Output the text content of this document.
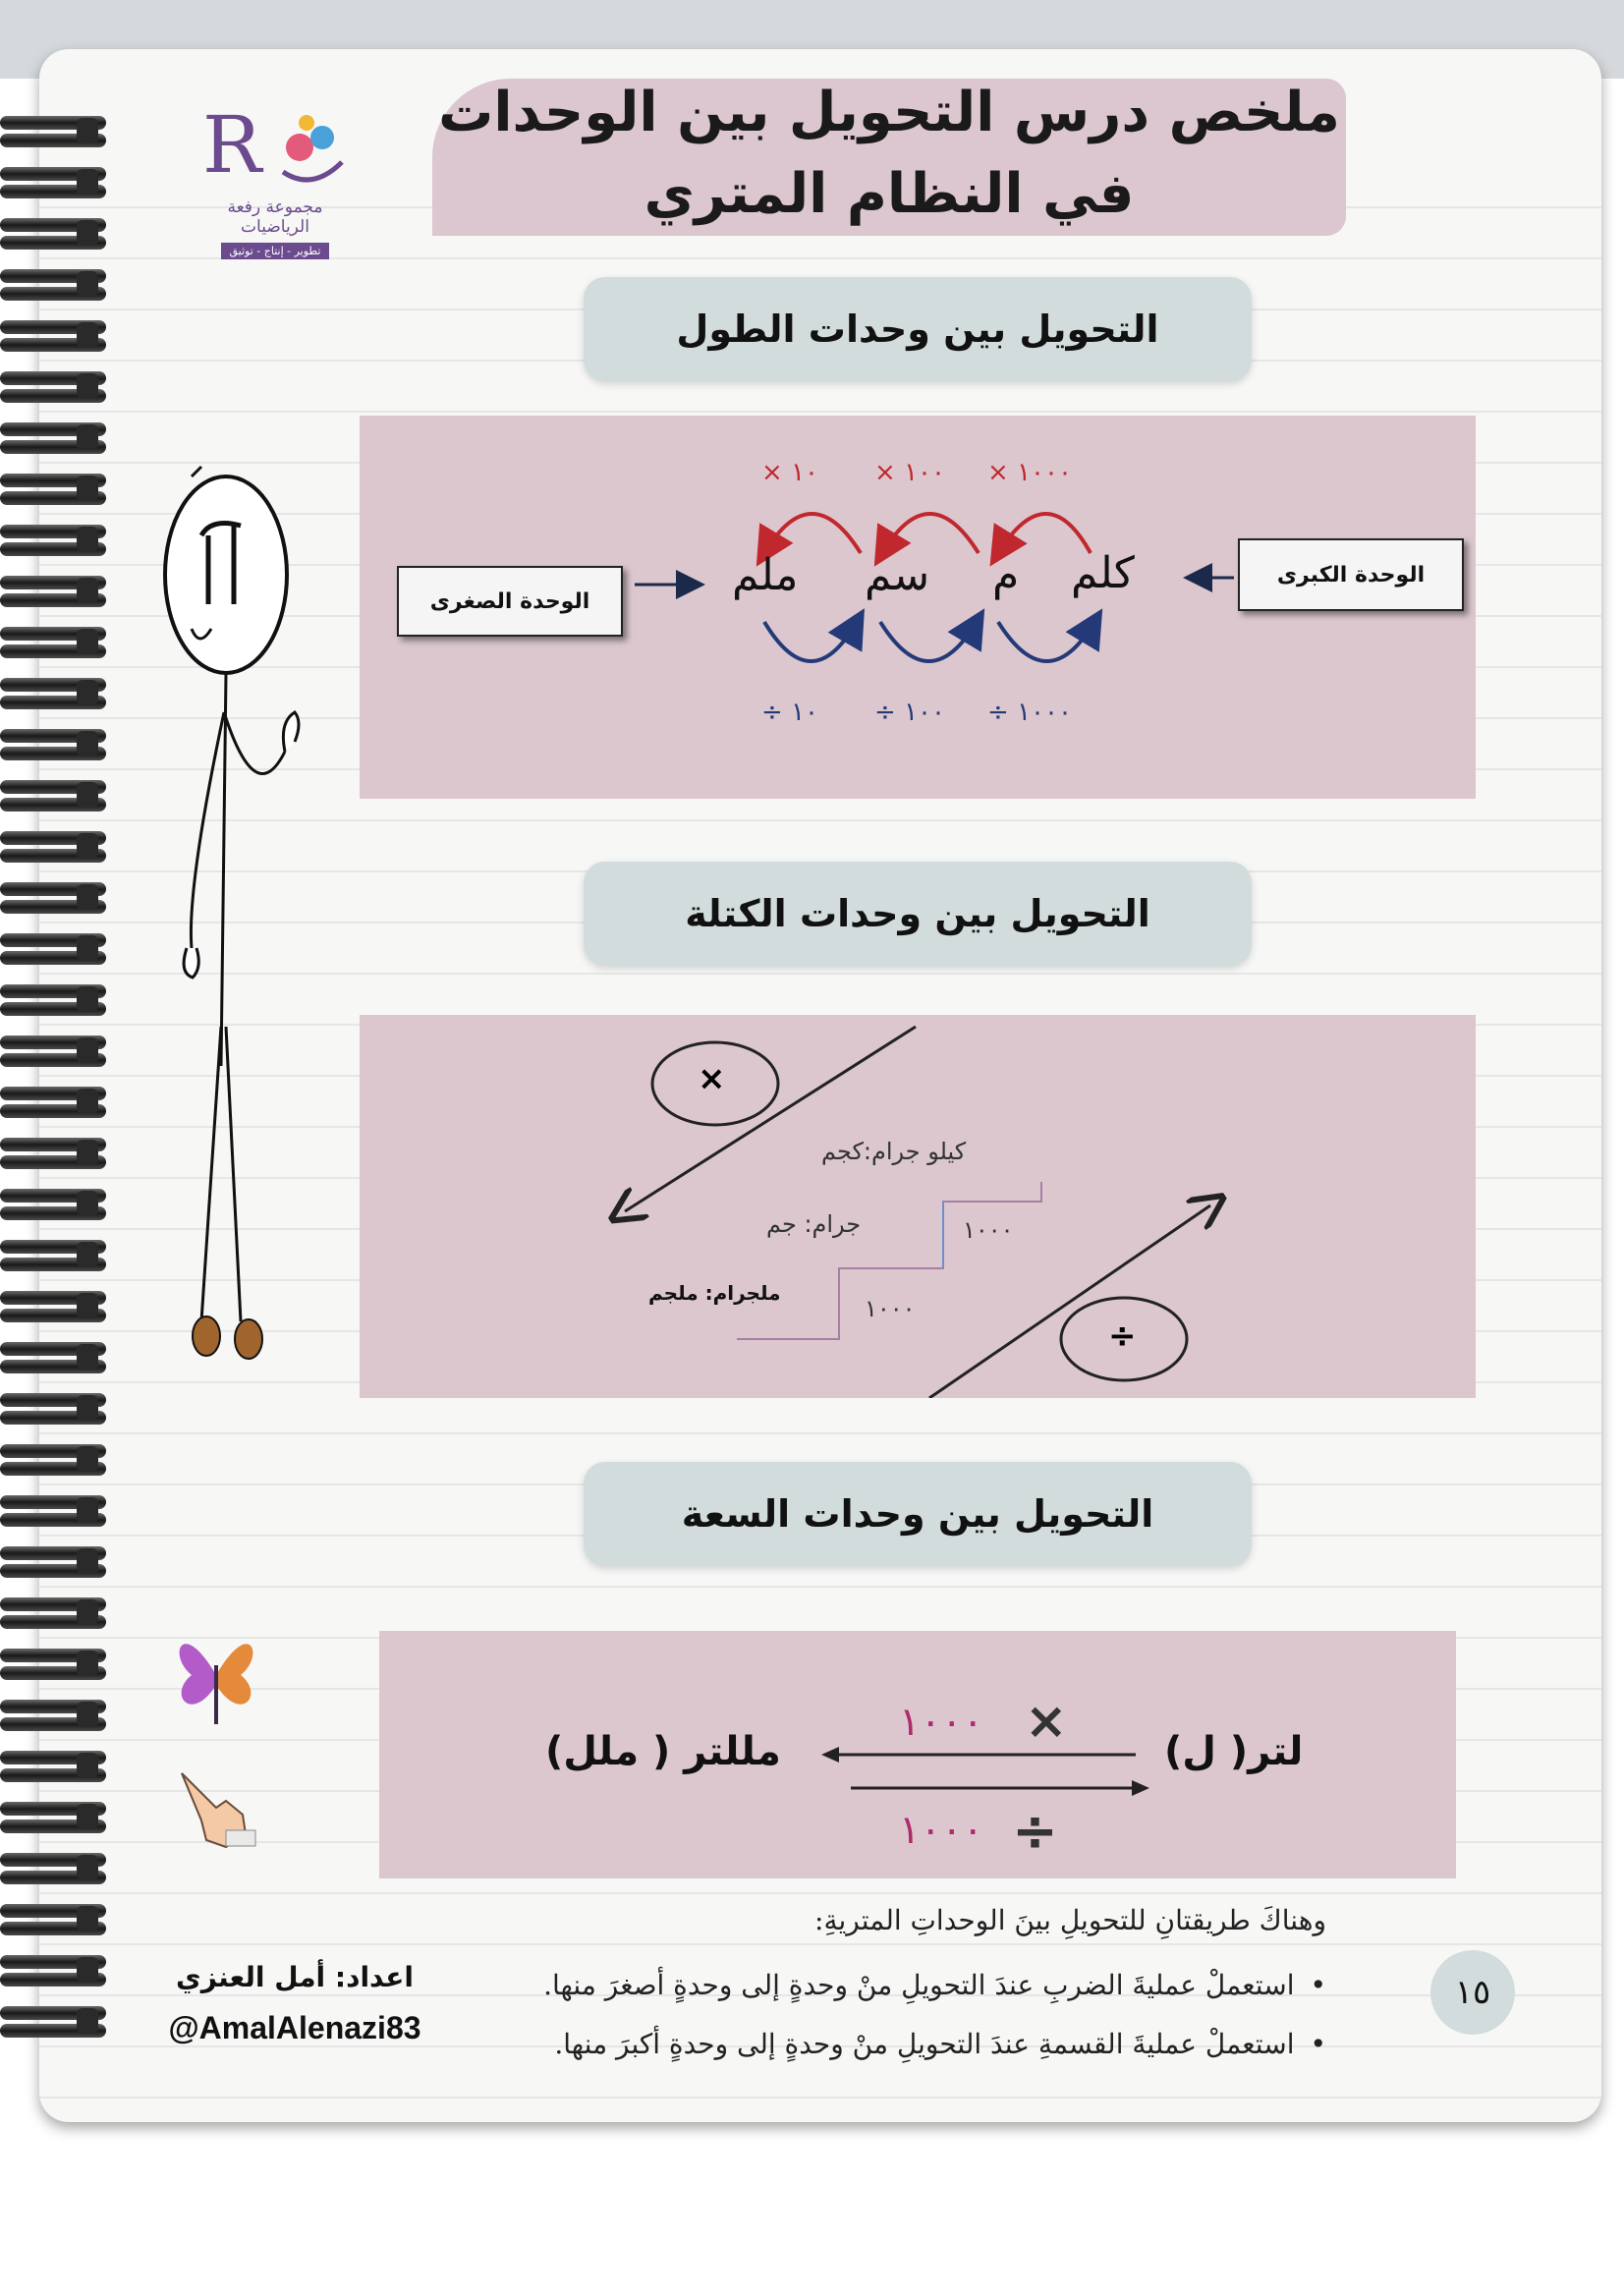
R
مجموعة رفعة الرياضيات
تطوير - إنتاج - توثيق
ملخص درس التحويل بين الوحدات
في النظام المتري
التحويل بين وحدات الطول
الوحدة الكبرى
الوحدة الصغرى
كلم
م
سم
ملم
١٠٠٠ ×
١٠٠ ×
١٠ ×
١٠٠٠ ÷
١٠٠ ÷
١٠ ÷
التحويل بين وحدات الكتلة
×
÷
كيلو جرام:كجم
جرام: جم
ملجرام: ملجم
١٠٠٠
١٠٠٠
التحويل بين وحدات السعة
لتر( ل)
مللتر ( ملل)
١٠٠٠ ×
١٠٠٠ ÷
وهناكَ طريقتانِ للتحويلِ بينَ الوحداتِ المتريةِ:
•استعملْ عمليةَ الضربِ عندَ التحويلِ منْ وحدةٍ إلى وحدةٍ أصغرَ منها.
•استعملْ عمليةَ القسمةِ عندَ التحويلِ منْ وحدةٍ إلى وحدةٍ أكبرَ منها.
١٥
اعداد: أمل العنزي
@AmalAlenazi83
